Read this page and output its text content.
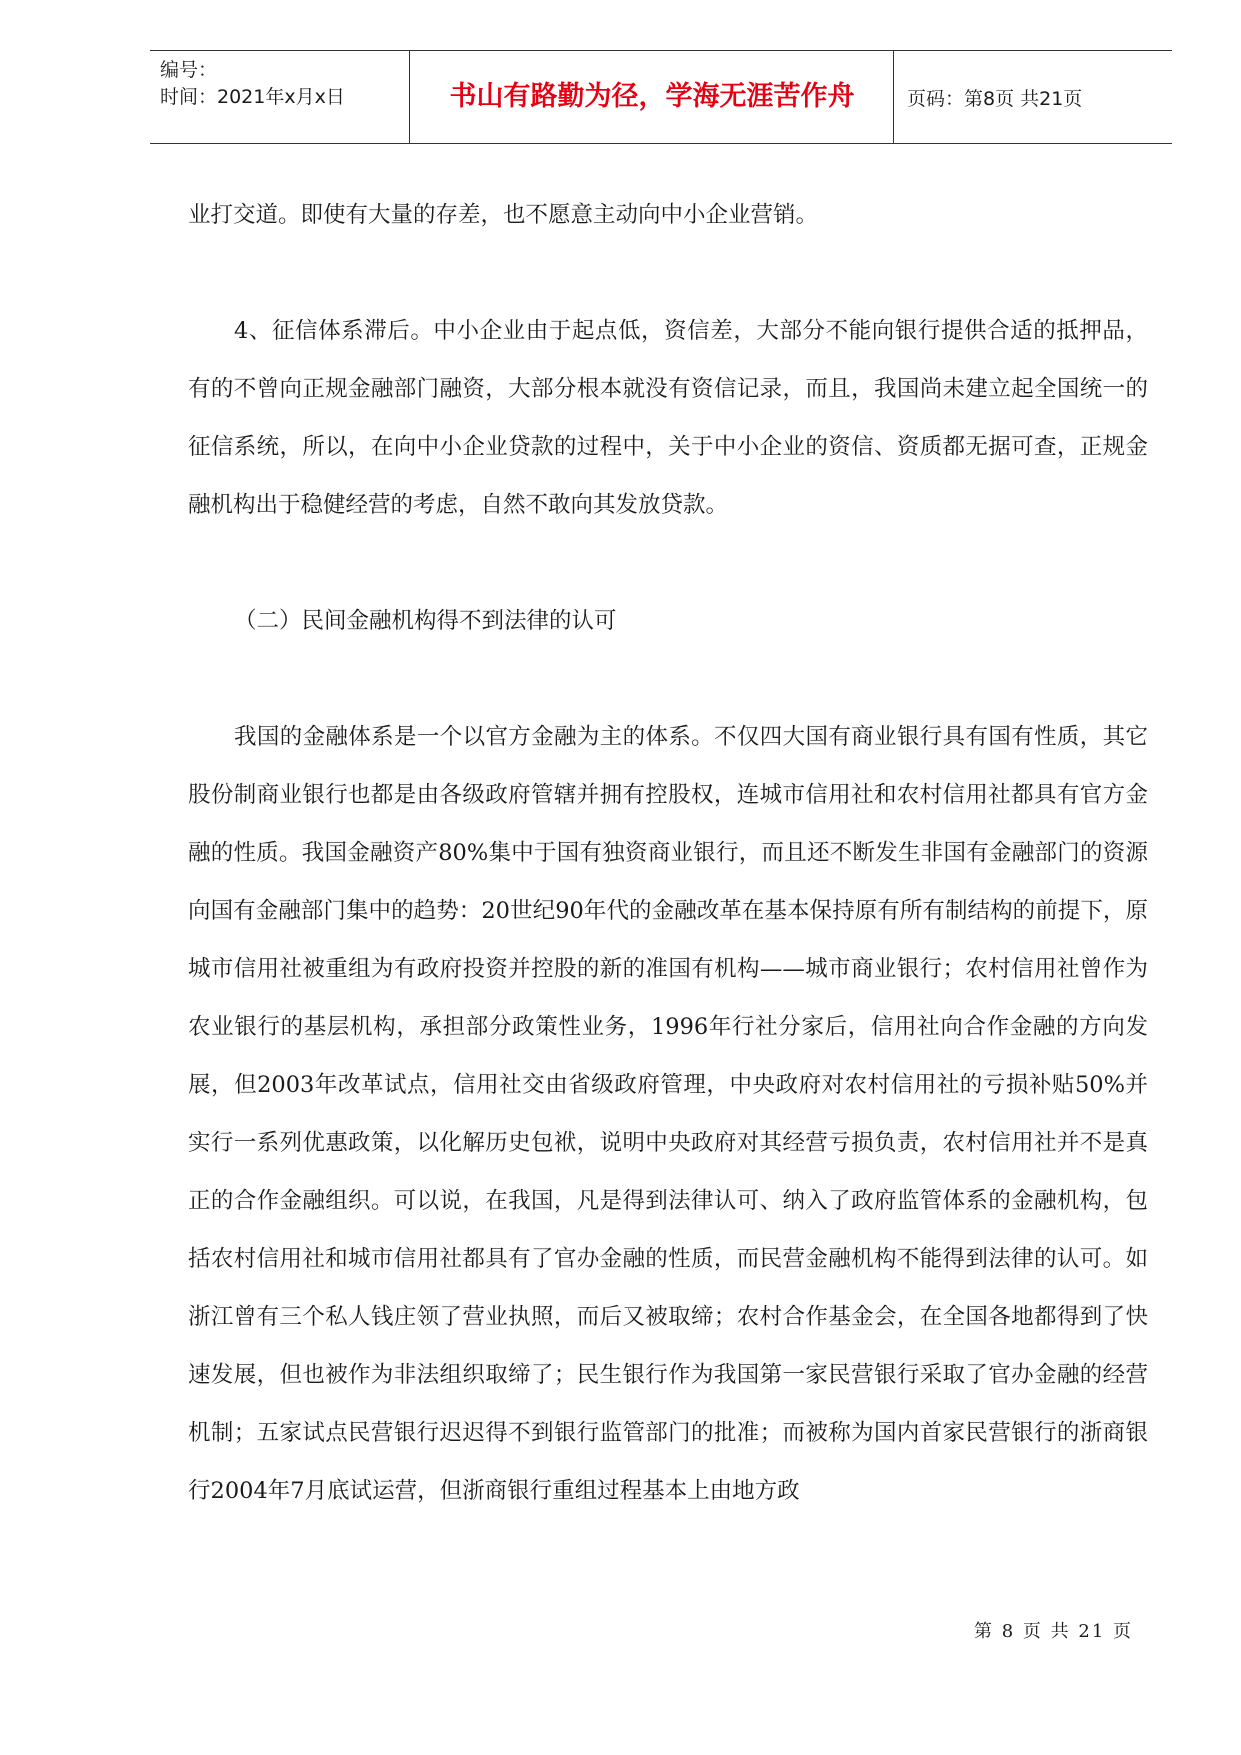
编号：
时间：2021年x月x日	书山有路勤为径，学海无涯苦作舟	页码：第8页 共21页

业打交道。即使有大量的存差，也不愿意主动向中小企业营销。

4、征信体系滞后。中小企业由于起点低，资信差，大部分不能向银行提供合适的抵押品，有的不曾向正规金融部门融资，大部分根本就没有资信记录，而且，我国尚未建立起全国统一的征信系统，所以，在向中小企业贷款的过程中，关于中小企业的资信、资质都无据可查，正规金融机构出于稳健经营的考虑，自然不敢向其发放贷款。

（二）民间金融机构得不到法律的认可

我国的金融体系是一个以官方金融为主的体系。不仅四大国有商业银行具有国有性质，其它股份制商业银行也都是由各级政府管辖并拥有控股权，连城市信用社和农村信用社都具有官方金融的性质。我国金融资产80%集中于国有独资商业银行，而且还不断发生非国有金融部门的资源向国有金融部门集中的趋势：20世纪90年代的金融改革在基本保持原有所有制结构的前提下，原城市信用社被重组为有政府投资并控股的新的准国有机构——城市商业银行；农村信用社曾作为农业银行的基层机构，承担部分政策性业务，1996年行社分家后，信用社向合作金融的方向发展，但2003年改革试点，信用社交由省级政府管理，中央政府对农村信用社的亏损补贴50%并实行一系列优惠政策，以化解历史包袱，说明中央政府对其经营亏损负责，农村信用社并不是真正的合作金融组织。可以说，在我国，凡是得到法律认可、纳入了政府监管体系的金融机构，包括农村信用社和城市信用社都具有了官办金融的性质，而民营金融机构不能得到法律的认可。如浙江曾有三个私人钱庄领了营业执照，而后又被取缔；农村合作基金会，在全国各地都得到了快速发展，但也被作为非法组织取缔了；民生银行作为我国第一家民营银行采取了官办金融的经营机制；五家试点民营银行迟迟得不到银行监管部门的批准；而被称为国内首家民营银行的浙商银行2004年7月底试运营，但浙商银行重组过程基本上由地方政

第 8 页 共 21 页
